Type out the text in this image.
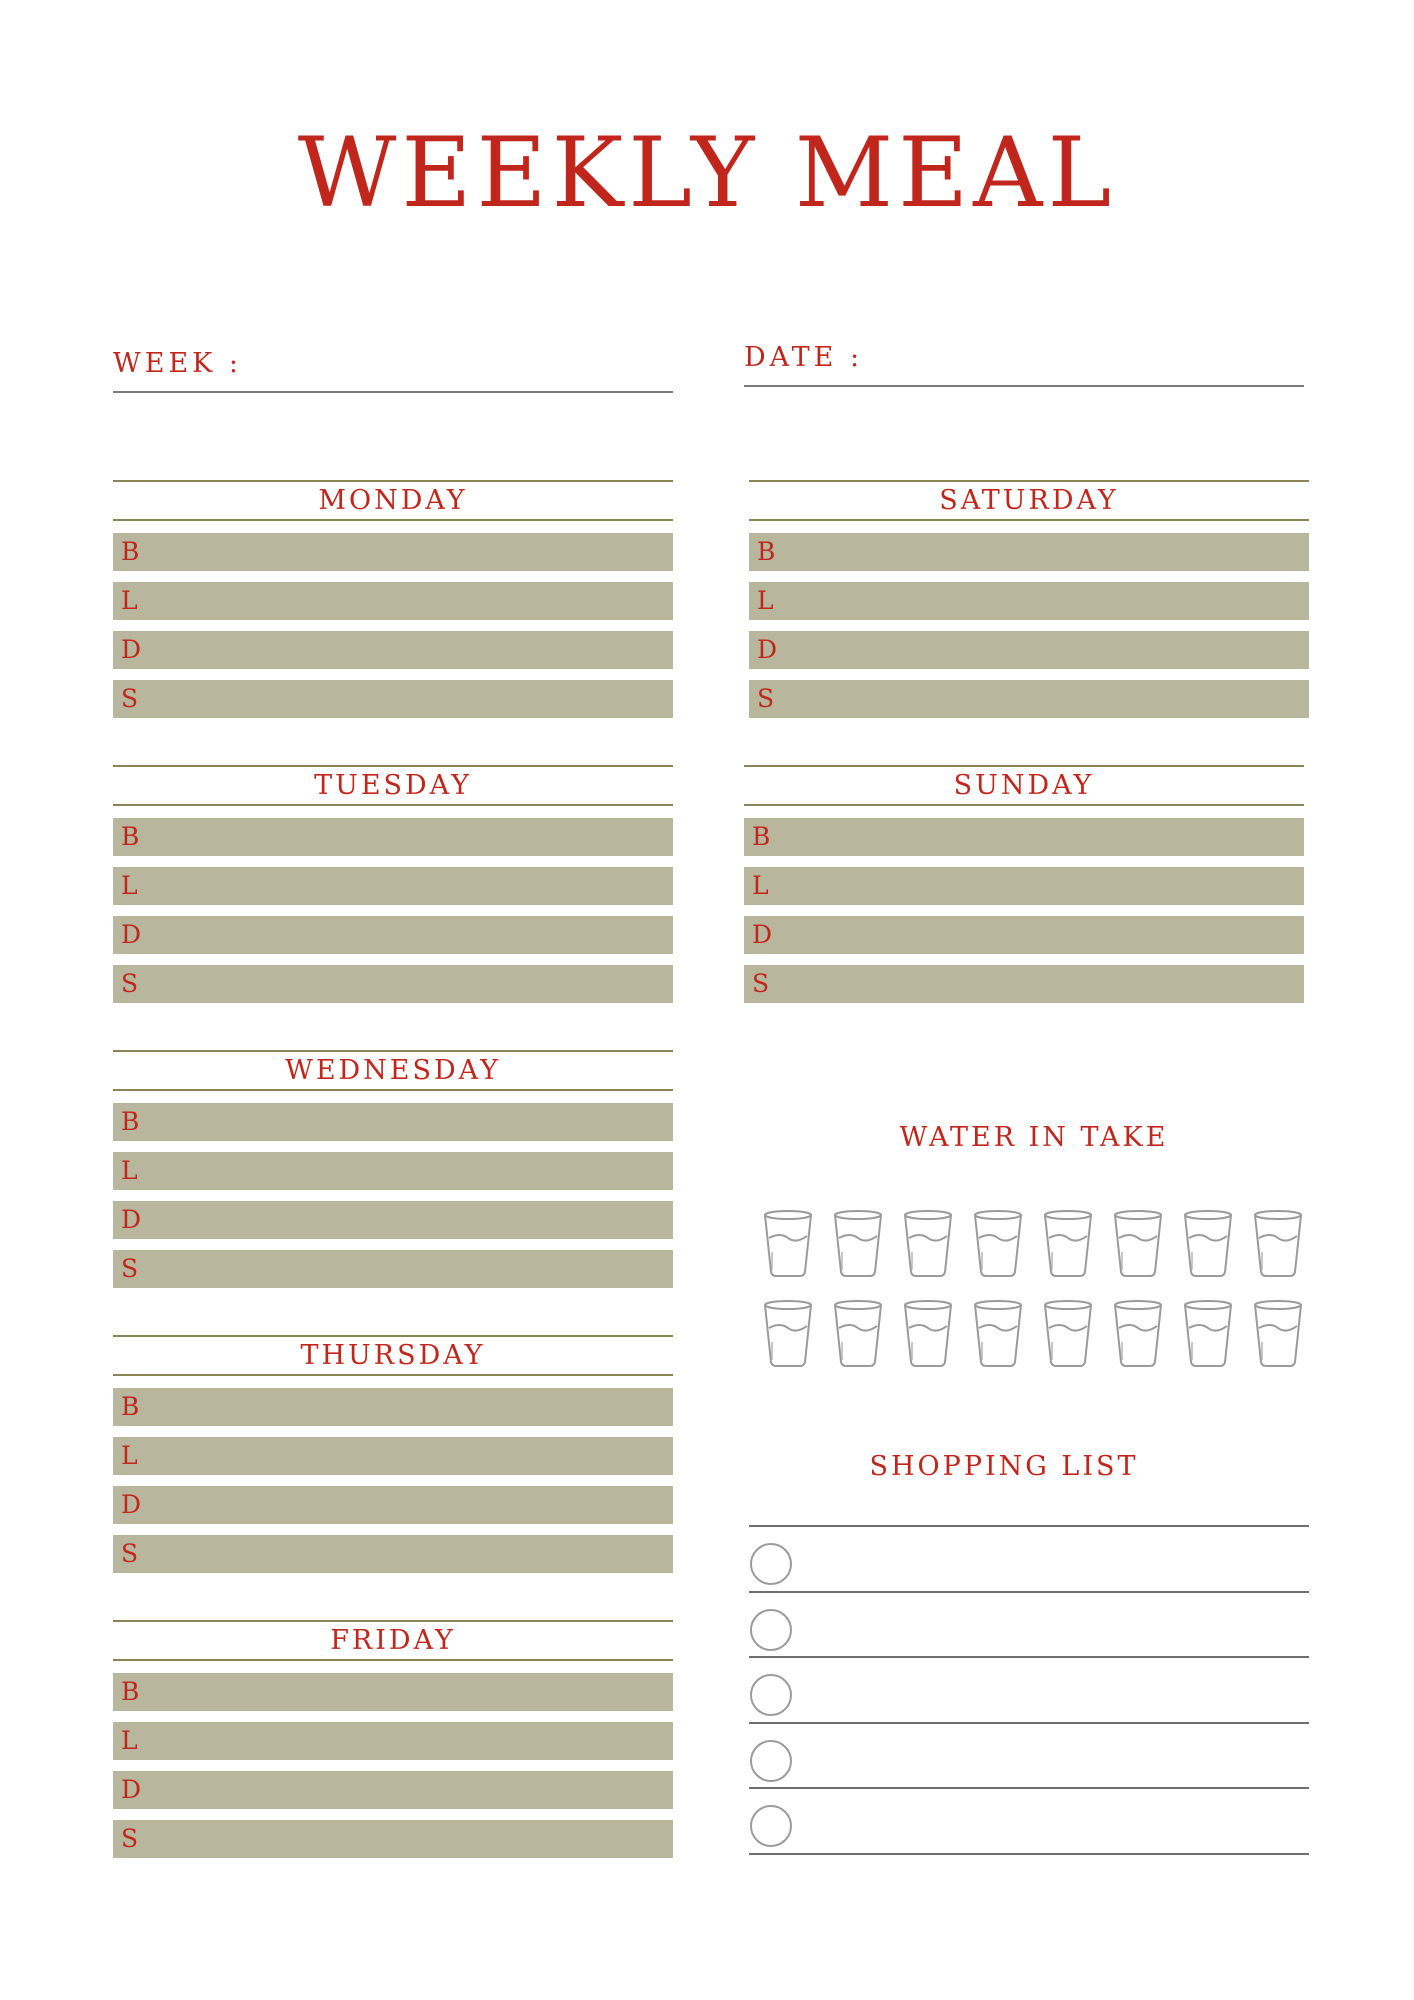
WEEKLY MEAL
WEEK :	DATE :
MONDAY
B
L
D
S
TUESDAY
B
L
D
S
WEDNESDAY
B
L
D
S
THURSDAY
B
L
D
S
FRIDAY
B
L
D
S
SATURDAY
B
L
D
S
SUNDAY
B
L
D
S
WATER IN TAKE
SHOPPING LIST
